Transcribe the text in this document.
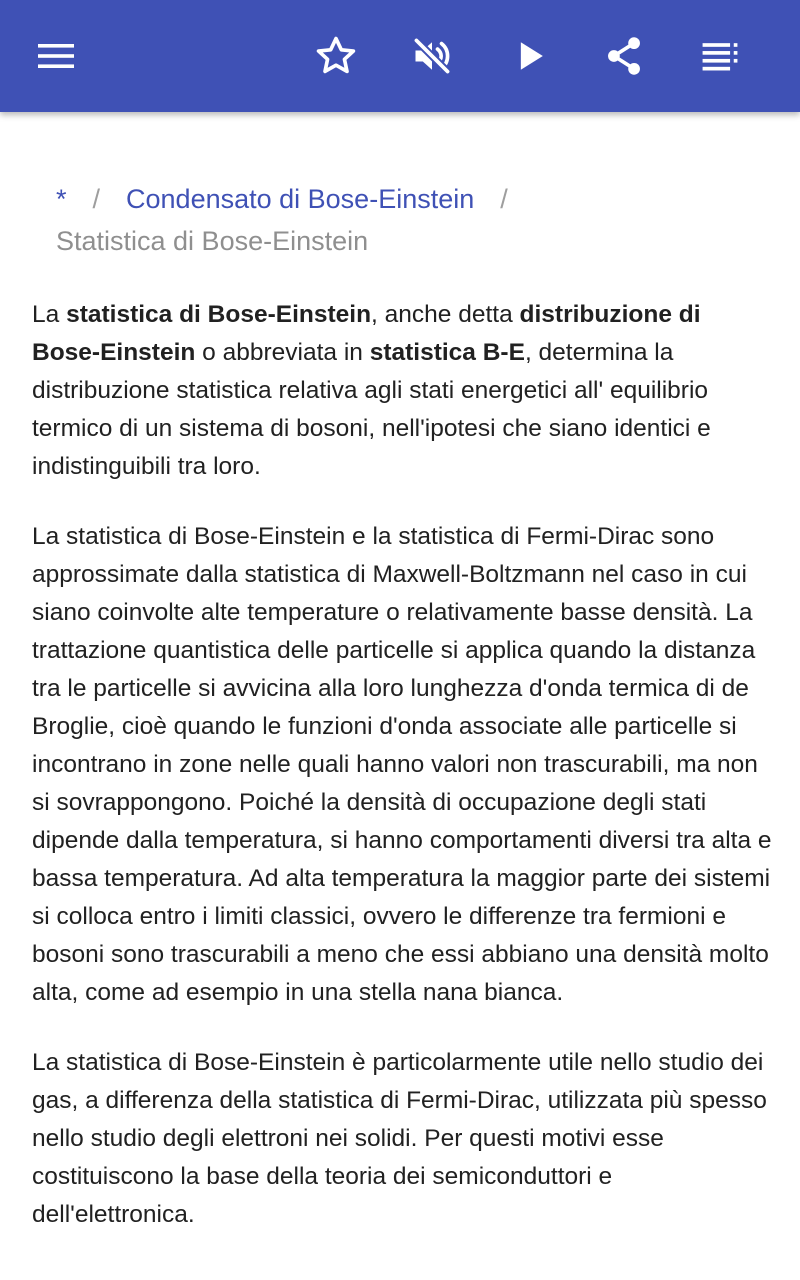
* / Condensato di Bose-Einstein /
Statistica di Bose-Einstein

La statistica di Bose-Einstein, anche detta distribuzione di Bose-Einstein o abbreviata in statistica B-E, determina la distribuzione statistica relativa agli stati energetici all' equilibrio termico di un sistema di bosoni, nell'ipotesi che siano identici e indistinguibili tra loro.

La statistica di Bose-Einstein e la statistica di Fermi-Dirac sono approssimate dalla statistica di Maxwell-Boltzmann nel caso in cui siano coinvolte alte temperature o relativamente basse densità. La trattazione quantistica delle particelle si applica quando la distanza tra le particelle si avvicina alla loro lunghezza d'onda termica di de Broglie, cioè quando le funzioni d'onda associate alle particelle si incontrano in zone nelle quali hanno valori non trascurabili, ma non si sovrappongono. Poiché la densità di occupazione degli stati dipende dalla temperatura, si hanno comportamenti diversi tra alta e bassa temperatura. Ad alta temperatura la maggior parte dei sistemi si colloca entro i limiti classici, ovvero le differenze tra fermioni e bosoni sono trascurabili a meno che essi abbiano una densità molto alta, come ad esempio in una stella nana bianca.

La statistica di Bose-Einstein è particolarmente utile nello studio dei gas, a differenza della statistica di Fermi-Dirac, utilizzata più spesso nello studio degli elettroni nei solidi. Per questi motivi esse costituiscono la base della teoria dei semiconduttori e dell'elettronica.
